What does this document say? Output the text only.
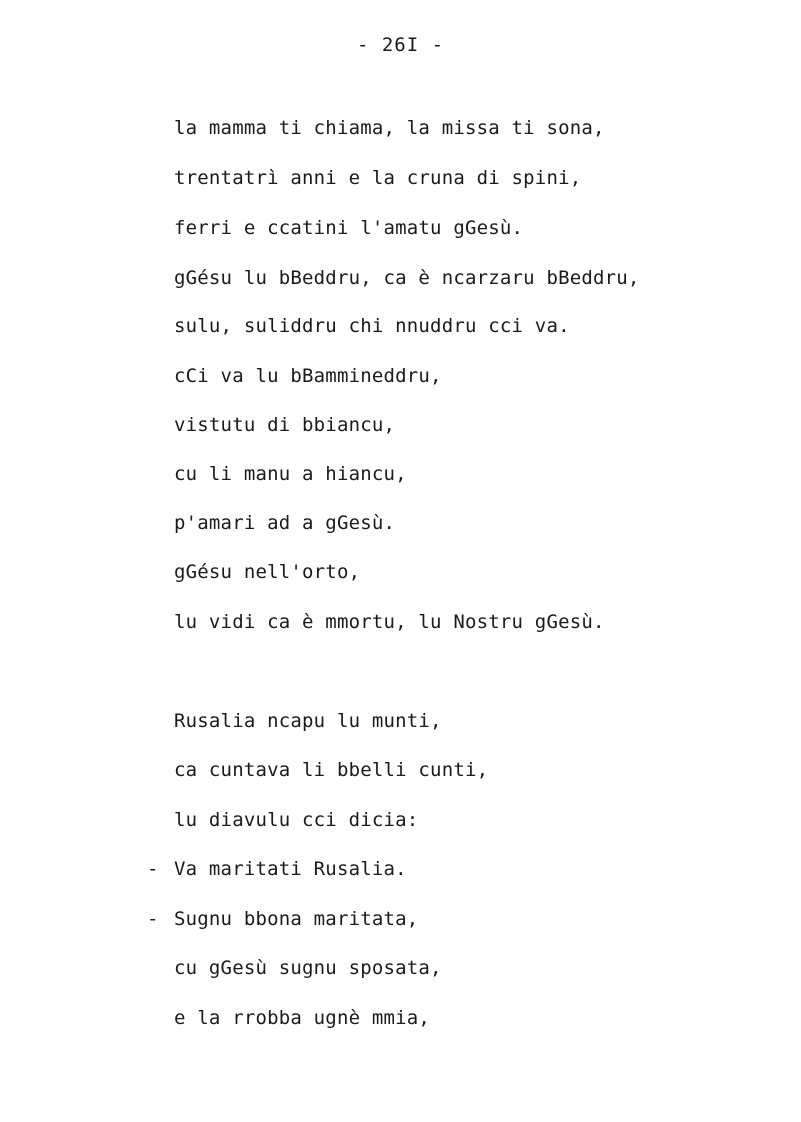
- 26I -
la mamma ti chiama, la missa ti sona,
trentatrì anni e la cruna di spini,
ferri e ccatini l'amatu gGesù.
gGésu lu bBeddru, ca è ncarzaru bBeddru,
sulu, suliddru chi nnuddru cci va.
cCi va lu bBammineddru,
vistutu di bbiancu,
cu li manu a hiancu,
p'amari ad a gGesù.
gGésu nell'orto,
lu vidi ca è mmortu, lu Nostru gGesù.
Rusalia ncapu lu munti,
ca cuntava li bbelli cunti,
lu diavulu cci dicia:
- Va maritati Rusalia.
- Sugnu bbona maritata,
cu gGesù sugnu sposata,
e la rrobba ugnè mmia,
